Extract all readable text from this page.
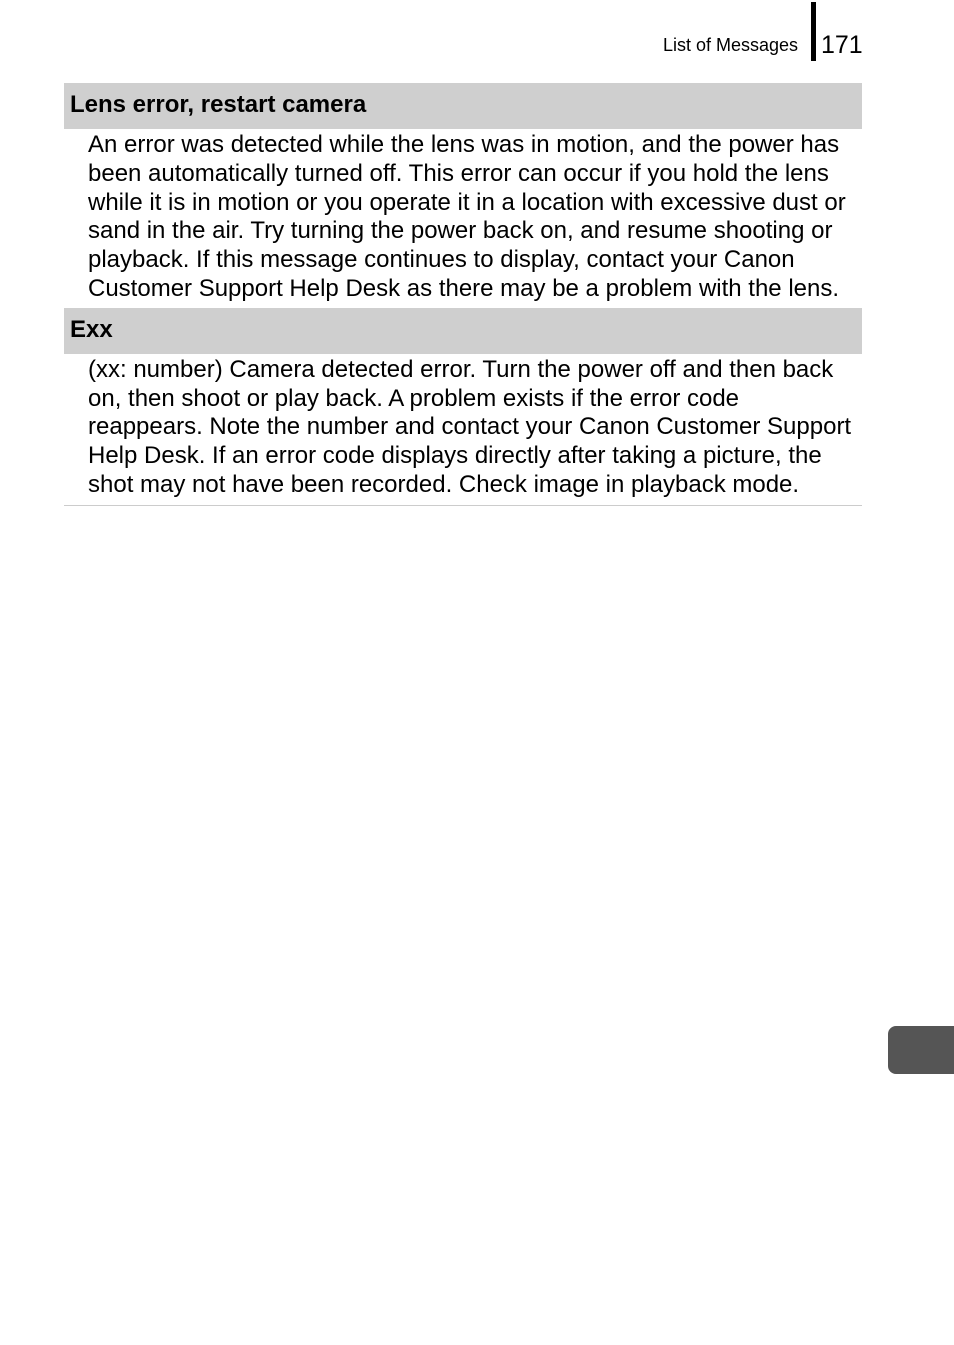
List of Messages 171
Lens error, restart camera
An error was detected while the lens was in motion, and the power has been automatically turned off. This error can occur if you hold the lens while it is in motion or you operate it in a location with excessive dust or sand in the air. Try turning the power back on, and resume shooting or playback. If this message continues to display, contact your Canon Customer Support Help Desk as there may be a problem with the lens.
Exx
(xx: number) Camera detected error. Turn the power off and then back on, then shoot or play back. A problem exists if the error code reappears. Note the number and contact your Canon Customer Support Help Desk. If an error code displays directly after taking a picture, the shot may not have been recorded. Check image in playback mode.
